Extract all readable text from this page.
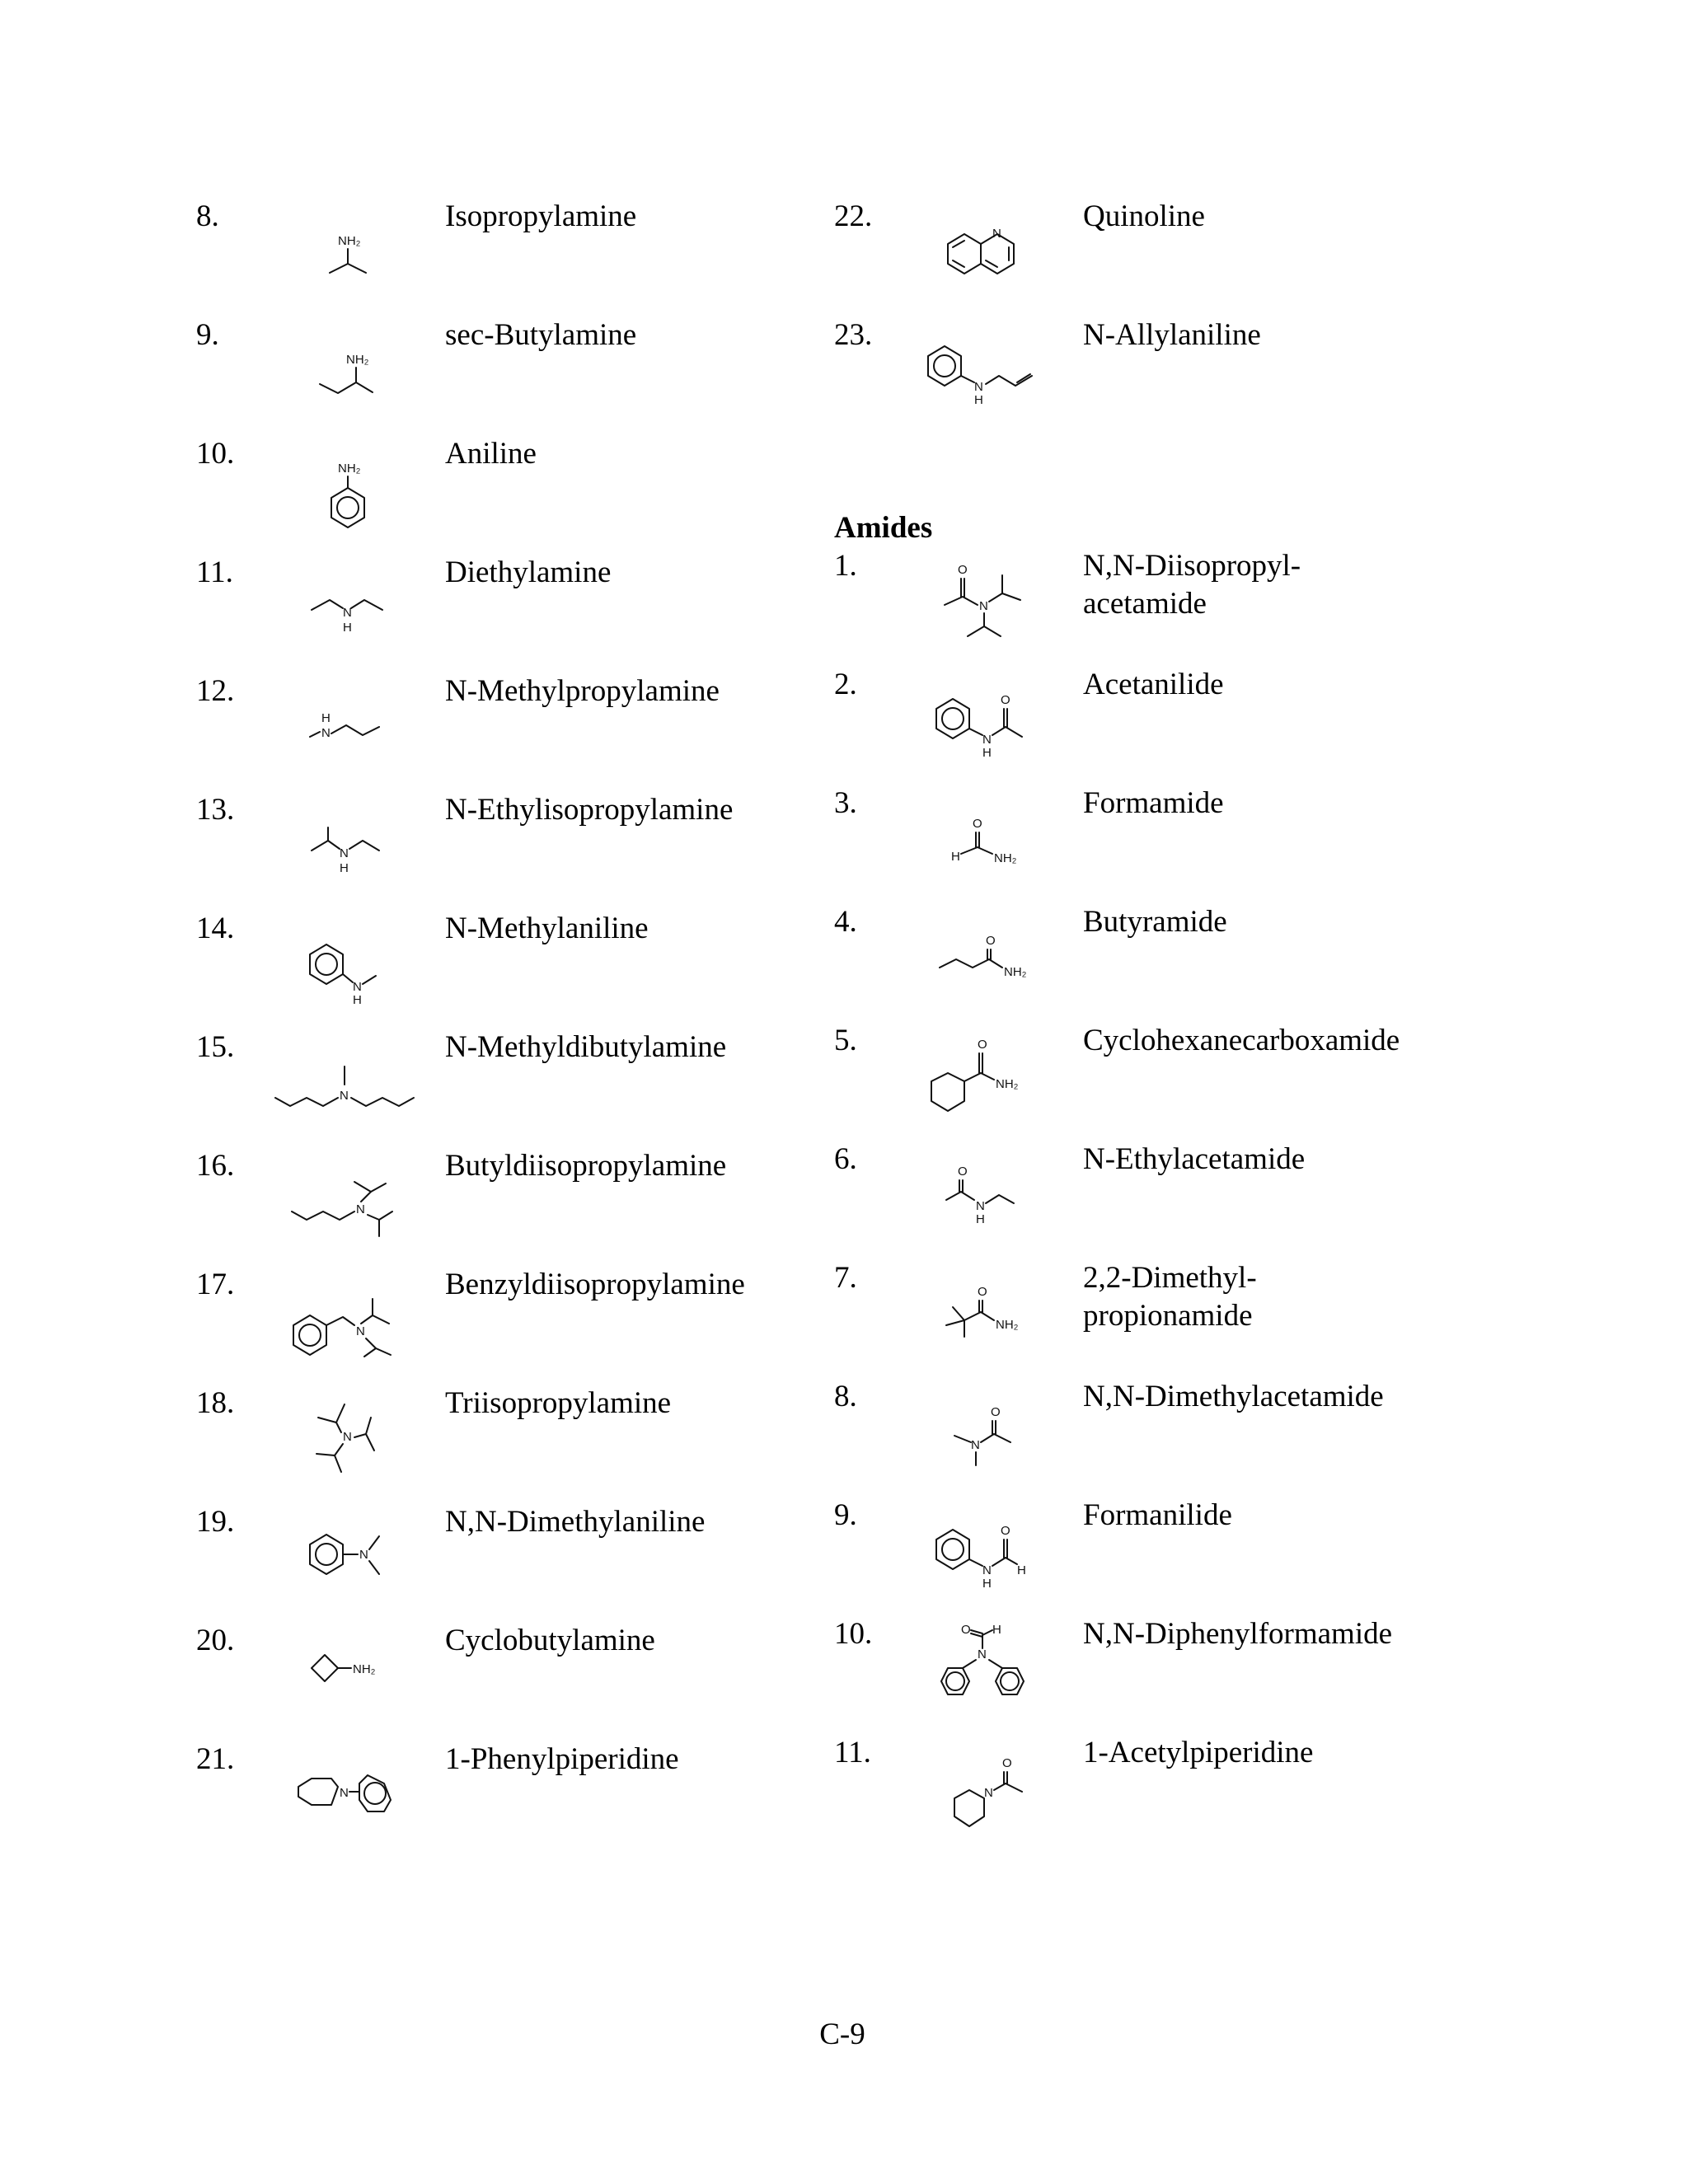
8.	Isopropylamine
9.	sec-Butylamine
10.	Aniline
11.	Diethylamine
12.	N-Methylpropylamine
13.	N-Ethylisopropylamine
14.	N-Methylaniline
15.	N-Methyldibutylamine
16.	Butyldiisopropylamine
17.	Benzyldiisopropylamine
18.	Triisopropylamine
19.	N,N-Dimethylaniline
20.	Cyclobutylamine
21.	1-Phenylpiperidine
22.	Quinoline
23.	N-Allylaniline
Amides
1.	N,N-Diisopropyl-
acetamide
2.	Acetanilide
3.	Formamide
4.	Butyramide
5.	Cyclohexanecarboxamide
6.	N-Ethylacetamide
7.	2,2-Dimethyl-
propionamide
8.	N,N-Dimethylacetamide
9.	Formanilide
10.	N,N-Diphenylformamide
11.	1-Acetylpiperidine
NH₂
NH₂
NH₂
N
H
H
N
N
H
N
H
N
N
N
N
N
NH₂
N
N
N
H
O
N
N
H
O
O
H	NH₂
O
NH₂
O
NH₂
O
N
H
O
NH₂
N
O
N
H
O
H
O H
N
N
O
C-9
